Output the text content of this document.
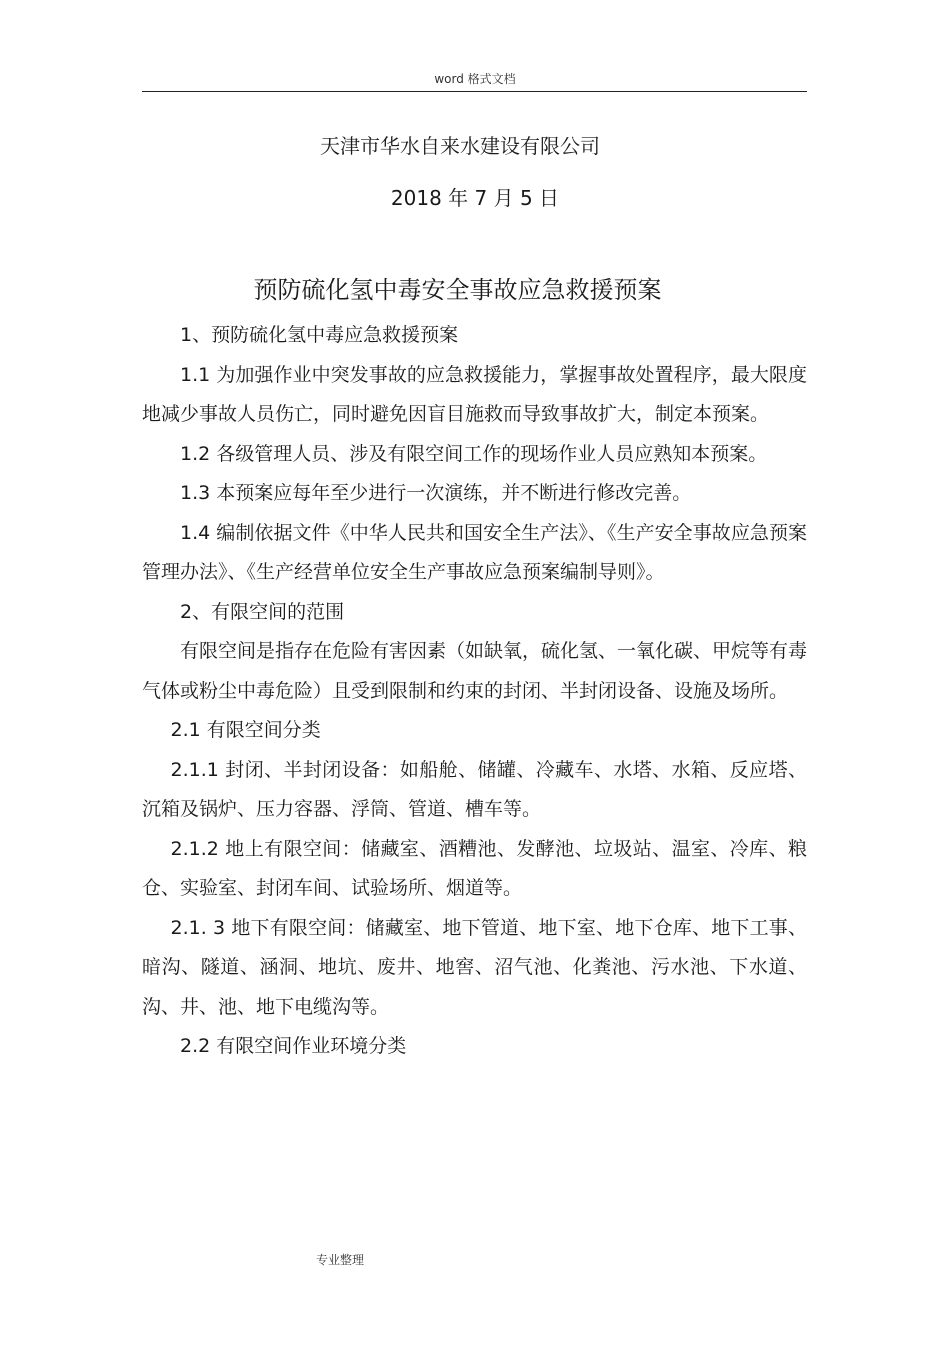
word 格式文档
天津市华水自来水建设有限公司
2018 年 7 月 5 日
预防硫化氢中毒安全事故应急救援预案

1、预防硫化氢中毒应急救援预案

1.1 为加强作业中突发事故的应急救援能力，掌握事故处置程序，最大限度地减少事故人员伤亡，同时避免因盲目施救而导致事故扩大，制定本预案。

1.2 各级管理人员、涉及有限空间工作的现场作业人员应熟知本预案。

1.3 本预案应每年至少进行一次演练，并不断进行修改完善。

1.4 编制依据文件《中华人民共和国安全生产法》、《生产安全事故应急预案管理办法》、《生产经营单位安全生产事故应急预案编制导则》。

2、有限空间的范围

有限空间是指存在危险有害因素（如缺氧，硫化氢、一氧化碳、甲烷等有毒气体或粉尘中毒危险）且受到限制和约束的封闭、半封闭设备、设施及场所。

2.1 有限空间分类

2.1.1 封闭、半封闭设备：如船舱、储罐、冷藏车、水塔、水箱、反应塔、沉箱及锅炉、压力容器、浮筒、管道、槽车等。

2.1.2 地上有限空间：储藏室、酒糟池、发酵池、垃圾站、温室、冷库、粮仓、实验室、封闭车间、试验场所、烟道等。

2.1. 3 地下有限空间：储藏室、地下管道、地下室、地下仓库、地下工事、暗沟、隧道、涵洞、地坑、废井、地窖、沼气池、化粪池、污水池、下水道、沟、井、池、地下电缆沟等。

2.2 有限空间作业环境分类

专业整理
